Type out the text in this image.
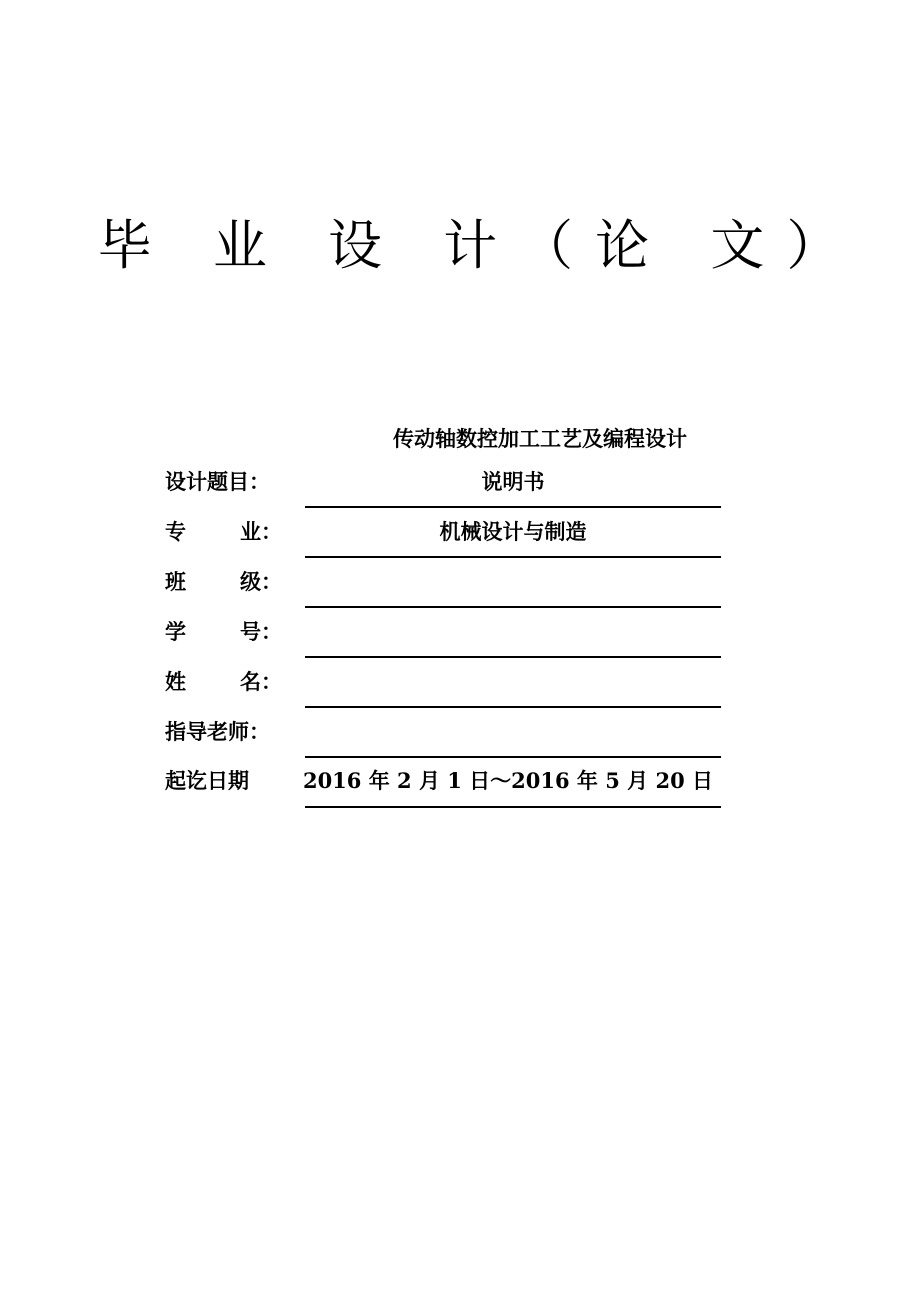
毕 业 设 计（论 文）
传动轴数控加工工艺及编程设计
设计题目：	说明书
专	业：	机械设计与制造
班	级：
学	号：
姓	名：
指导老师：
起讫日期	2016 年 2 月 1 日～2016 年 5 月 20 日
